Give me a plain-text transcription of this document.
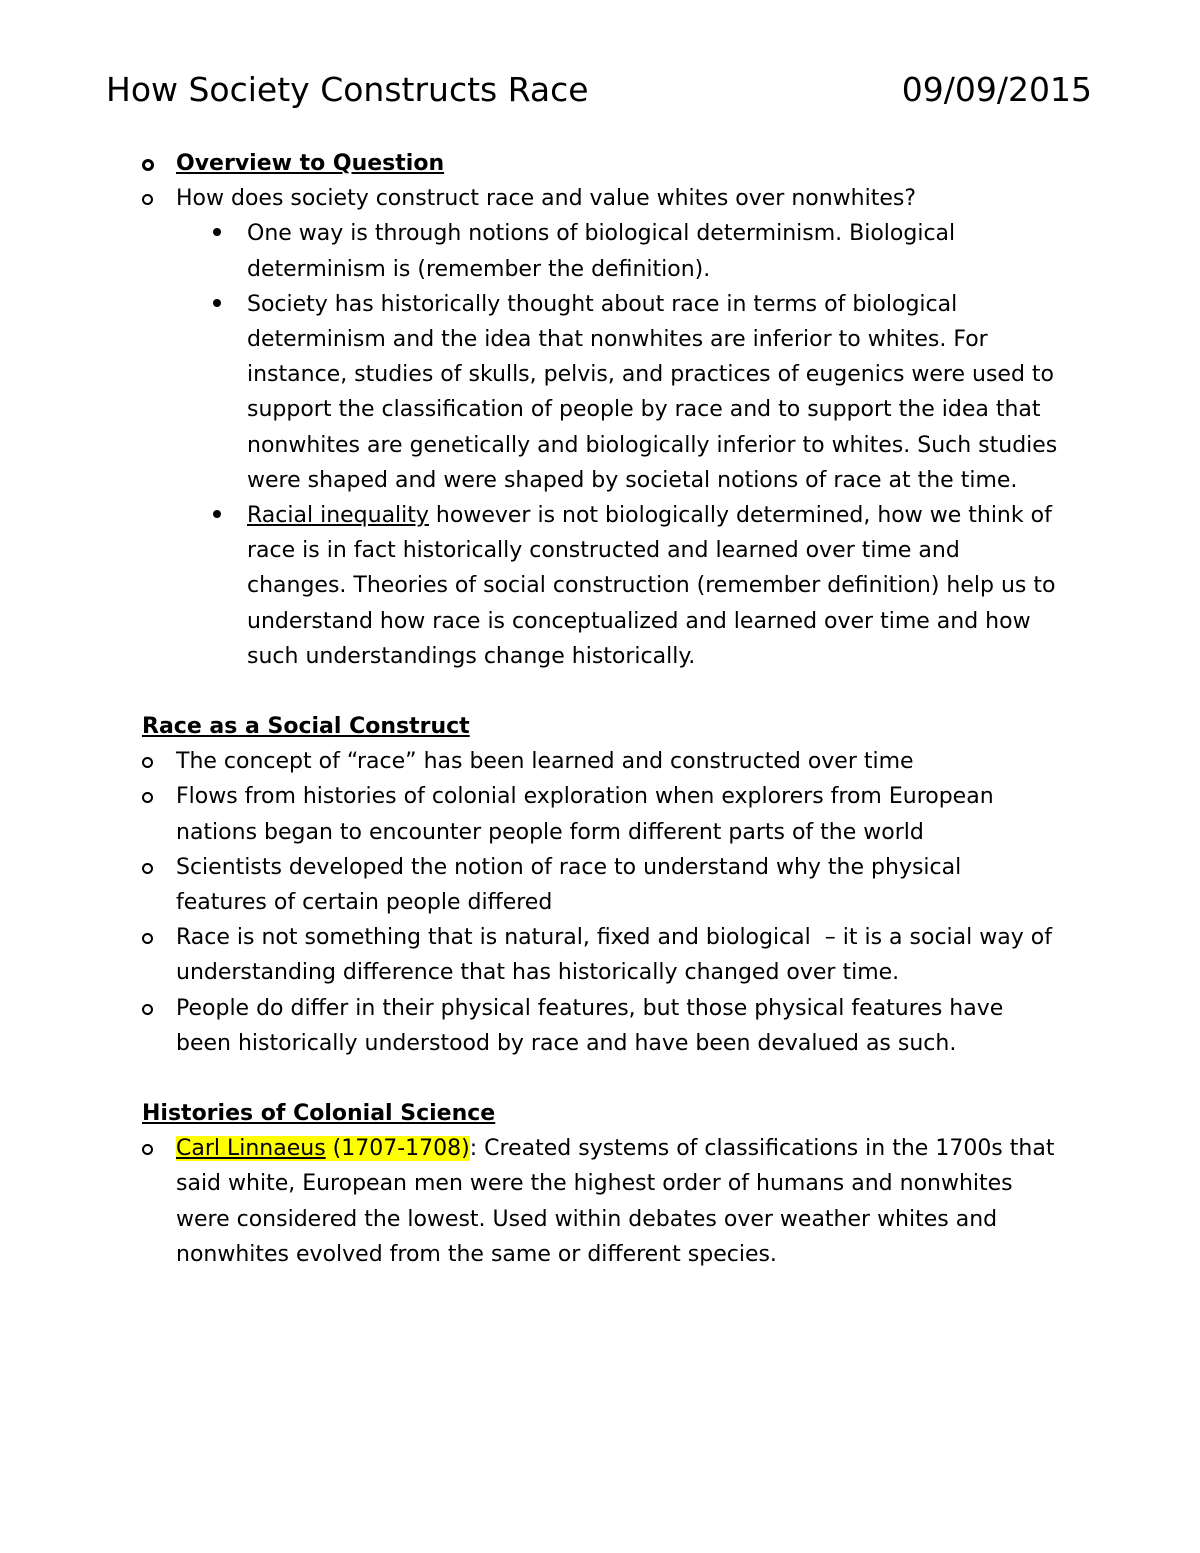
How Society Constructs Race	09/09/2015
Overview to Question
How does society construct race and value whites over nonwhites?
One way is through notions of biological determinism. Biological determinism is (remember the definition).
Society has historically thought about race in terms of biological determinism and the idea that nonwhites are inferior to whites. For instance, studies of skulls, pelvis, and practices of eugenics were used to support the classification of people by race and to support the idea that nonwhites are genetically and biologically inferior to whites. Such studies were shaped and were shaped by societal notions of race at the time.
Racial inequality however is not biologically determined, how we think of race is in fact historically constructed and learned over time and changes. Theories of social construction (remember definition) help us to understand how race is conceptualized and learned over time and how such understandings change historically.
Race as a Social Construct
The concept of “race” has been learned and constructed over time
Flows from histories of colonial exploration when explorers from European nations began to encounter people form different parts of the world
Scientists developed the notion of race to understand why the physical features of certain people differed
Race is not something that is natural, fixed and biological  – it is a social way of understanding difference that has historically changed over time.
People do differ in their physical features, but those physical features have been historically understood by race and have been devalued as such.
Histories of Colonial Science
Carl Linnaeus (1707-1708): Created systems of classifications in the 1700s that said white, European men were the highest order of humans and nonwhites were considered the lowest. Used within debates over weather whites and nonwhites evolved from the same or different species.
